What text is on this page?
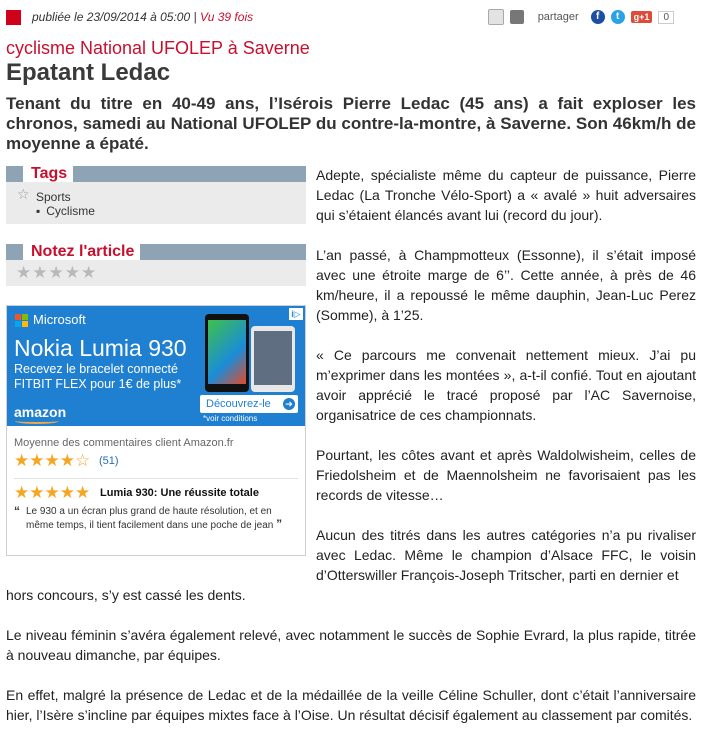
publiée le 23/09/2014 à 05:00 | Vu 39 fois	partager	f	t	g+1	0
cyclisme National UFOLEP à Saverne
Epatant Ledac
Tenant du titre en 40-49 ans, l’Isérois Pierre Ledac (45 ans) a fait exploser les chronos, samedi au National UFOLEP du contre-la-montre, à Saverne. Son 46km/h de moyenne a épaté.
Tags
☆ Sports
▪ Cyclisme
Notez l'article
★ ★ ★ ★ ★
Microsoft
Nokia Lumia 930
Recevez le bracelet connecté FITBIT FLEX pour 1€ de plus*
amazon
i▷
Découvrez-le ➔
*voir conditions
Moyenne des commentaires client Amazon.fr
★★★★☆ (51)
★★★★★ Lumia 930: Une réussite totale
“ Le 930 a un écran plus grand de haute résolution, et en même temps, il tient facilement dans une poche de jean ”

Adepte, spécialiste même du capteur de puissance, Pierre Ledac (La Tronche Vélo-Sport) a « avalé » huit adversaires qui s’étaient élancés avant lui (record du jour).

L’an passé, à Champmotteux (Essonne), il s’était imposé avec une étroite marge de 6’’. Cette année, à près de 46 km/heure, il a repoussé le même dauphin, Jean-Luc Perez (Somme), à 1’25.

« Ce parcours me convenait nettement mieux. J’ai pu m’exprimer dans les montées », a-t-il confié. Tout en ajoutant avoir apprécié le tracé proposé par l’AC Savernoise, organisatrice de ces championnats.

Pourtant, les côtes avant et après Waldolwisheim, celles de Friedolsheim et de Maennolsheim ne favorisaient pas les records de vitesse…

Aucun des titrés dans les autres catégories n’a pu rivaliser avec Ledac. Même le champion d’Alsace FFC, le voisin d’Otterswiller François-Joseph Tritscher, parti en dernier et

hors concours, s’y est cassé les dents.

Le niveau féminin s’avéra également relevé, avec notamment le succès de Sophie Evrard, la plus rapide, titrée à nouveau dimanche, par équipes.

En effet, malgré la présence de Ledac et de la médaillée de la veille Céline Schuller, dont c’était l’anniversaire hier, l’Isère s’incline par équipes mixtes face à l’Oise. Un résultat décisif également au classement par comités.
